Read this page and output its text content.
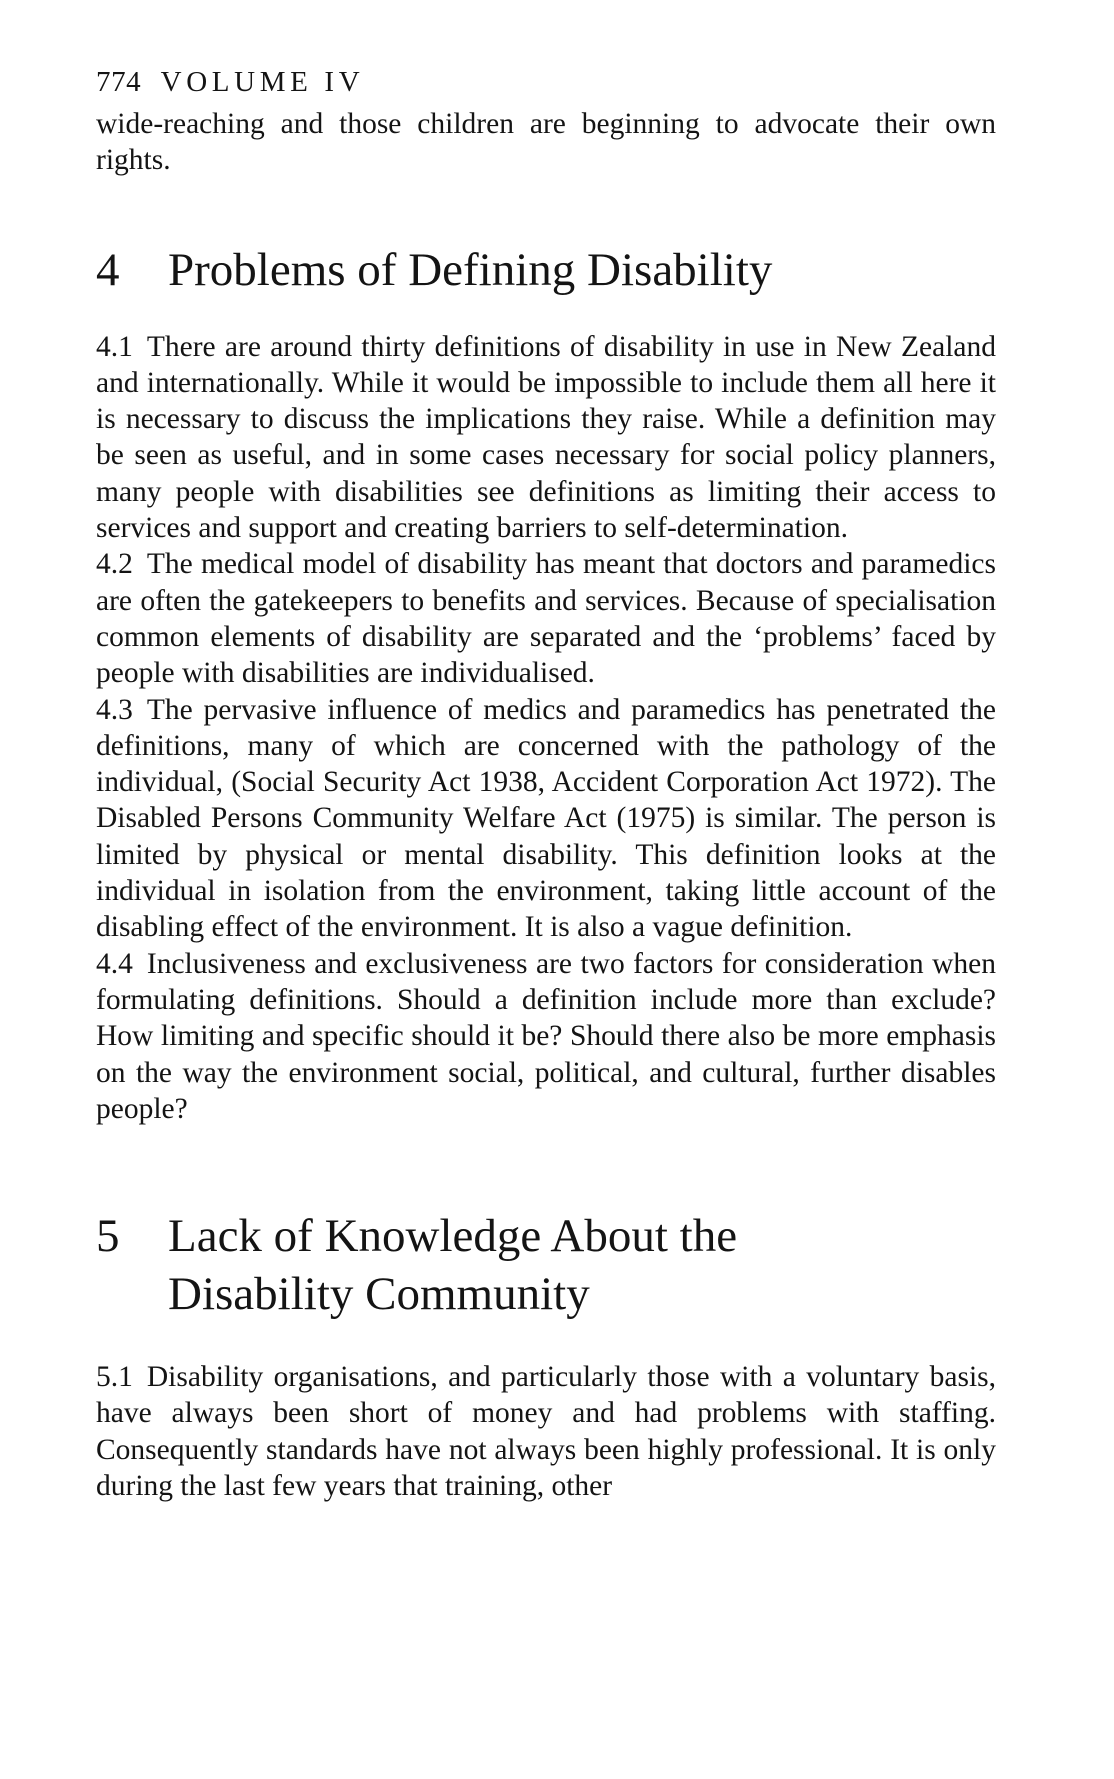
774 VOLUME IV

wide-reaching and those children are beginning to advocate their own rights.

4	Problems of Defining Disability

4.1 There are around thirty definitions of disability in use in New Zealand and internationally. While it would be impossible to include them all here it is necessary to discuss the implications they raise. While a definition may be seen as useful, and in some cases necessary for social policy planners, many people with disabilities see definitions as limiting their access to services and support and creating barriers to self-determination.

4.2 The medical model of disability has meant that doctors and paramedics are often the gatekeepers to benefits and services. Because of specialisation common elements of disability are separated and the ‘problems’ faced by people with disabilities are individualised.

4.3 The pervasive influence of medics and paramedics has penetrated the definitions, many of which are concerned with the pathology of the individual, (Social Security Act 1938, Accident Corporation Act 1972). The Disabled Persons Community Welfare Act (1975) is similar. The person is limited by physical or mental disability. This definition looks at the individual in isolation from the environment, taking little account of the disabling effect of the environment. It is also a vague definition.

4.4 Inclusiveness and exclusiveness are two factors for consideration when formulating definitions. Should a definition include more than exclude? How limiting and specific should it be? Should there also be more emphasis on the way the environment social, political, and cultural, further disables people?

5	Lack of Knowledge About the Disability Community

5.1 Disability organisations, and particularly those with a voluntary basis, have always been short of money and had problems with staffing. Consequently standards have not always been highly professional. It is only during the last few years that training, other
